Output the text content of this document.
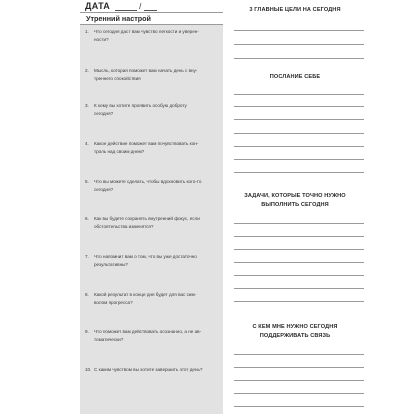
ДАТА	/
Утренний настрой
1. Что сегодня даст вам чувство легкости и уверен-
ности?
2. Мысль, которая поможет вам начать день с вну-
треннего спокойствия
3. К кому вы хотите проявить особую доброту
сегодня?
4. Какое действие поможет вам почувствовать кон-
троль над своим днем?
5. Что вы можете сделать, чтобы вдохновить кого-то
сегодня?
6. Как вы будете сохранять внутренний фокус, если
обстоятельства изменятся?
7. Что напомнит вам о том, что вы уже достаточно
результативны?
8. Какой результат в конце дня будет для вас сим-
волом прогресса?
9. Что поможет вам действовать осознанно, а не ав-
томатически?
10. С каким чувством вы хотите завершить этот день?
3 ГЛАВНЫЕ ЦЕЛИ НА СЕГОДНЯ
ПОСЛАНИЕ СЕБЕ
ЗАДАЧИ, КОТОРЫЕ ТОЧНО НУЖНО
ВЫПОЛНИТЬ СЕГОДНЯ
С КЕМ МНЕ НУЖНО СЕГОДНЯ
ПОДДЕРЖИВАТЬ СВЯЗЬ
